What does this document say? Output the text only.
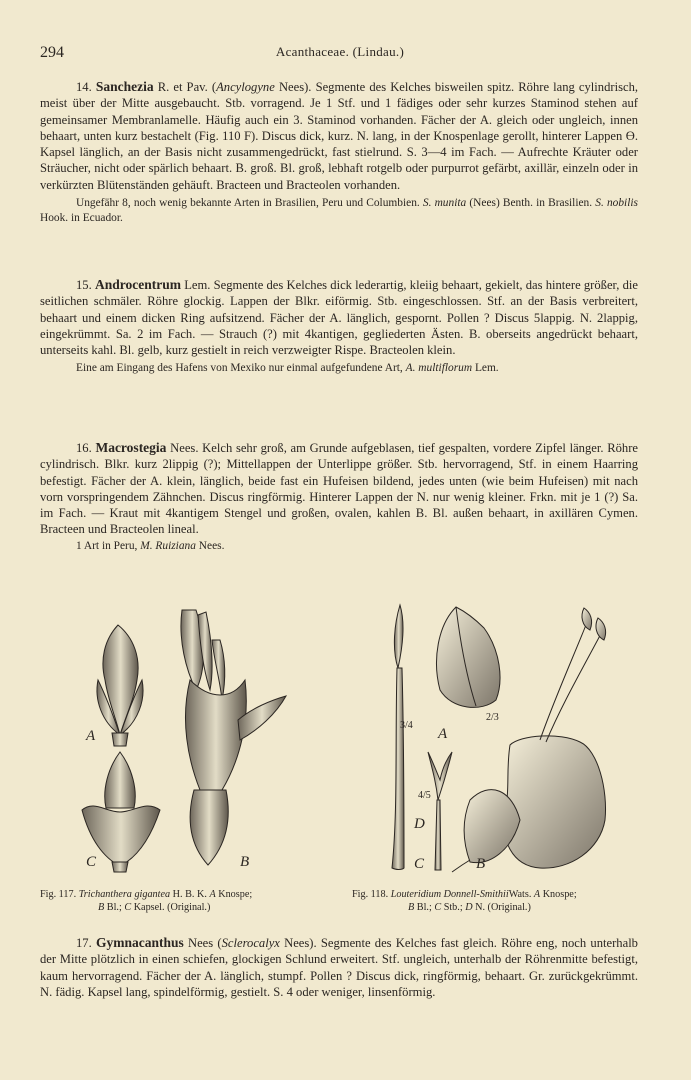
294	Acanthaceae. (Lindau.)

14. Sanchezia R. et Pav. (Ancylogyne Nees). Segmente des Kelches bisweilen spitz. Röhre lang cylindrisch, meist über der Mitte ausgebaucht. Stb. vorragend. Je 1 Stf. und 1 fädiges oder sehr kurzes Staminod stehen auf gemeinsamer Membranlamelle. Häufig auch ein 3. Staminod vorhanden. Fächer der A. gleich oder ungleich, innen behaart, unten kurz bestachelt (Fig. 110 F). Discus dick, kurz. N. lang, in der Knospenlage gerollt, hinterer Lappen ϴ. Kapsel länglich, an der Basis nicht zusammengedrückt, fast stielrund. S. 3—4 im Fach. — Aufrechte Kräuter oder Sträucher, nicht oder spärlich behaart. B. groß. Bl. groß, lebhaft rotgelb oder purpurrot gefärbt, axillär, einzeln oder in verkürzten Blütenständen gehäuft. Bracteen und Bracteolen vorhanden.

Ungefähr 8, noch wenig bekannte Arten in Brasilien, Peru und Columbien. S. munita (Nees) Benth. in Brasilien. S. nobilis Hook. in Ecuador.

15. Androcentrum Lem. Segmente des Kelches dick lederartig, kleiig behaart, gekielt, das hintere größer, die seitlichen schmäler. Röhre glockig. Lappen der Blkr. eiförmig. Stb. eingeschlossen. Stf. an der Basis verbreitert, behaart und einem dicken Ring aufsitzend. Fächer der A. länglich, gespornt. Pollen ? Discus 5lappig. N. 2lappig, eingekrümmt. Sa. 2 im Fach. — Strauch (?) mit 4kantigen, gegliederten Ästen. B. oberseits angedrückt behaart, unterseits kahl. Bl. gelb, kurz gestielt in reich verzweigter Rispe. Bracteolen klein.

Eine am Eingang des Hafens von Mexiko nur einmal aufgefundene Art, A. multiflorum Lem.

16. Macrostegia Nees. Kelch sehr groß, am Grunde aufgeblasen, tief gespalten, vordere Zipfel länger. Röhre cylindrisch. Blkr. kurz 2lippig (?); Mittellappen der Unterlippe größer. Stb. hervorragend, Stf. in einem Haarring befestigt. Fächer der A. klein, länglich, beide fast ein Hufeisen bildend, jedes unten (wie beim Hufeisen) mit nach vorn vorspringendem Zähnchen. Discus ringförmig. Hinterer Lappen der N. nur wenig kleiner. Frkn. mit je 1 (?) Sa. im Fach. — Kraut mit 4kantigem Stengel und großen, ovalen, kahlen B. Bl. außen behaart, in axillären Cymen. Bracteen und Bracteolen lineal.

1 Art in Peru, M. Ruiziana Nees.

A
C	B
A
B
C
D
3/4
2/3
4/5
Fig. 117. Trichanthera gigantea H. B. K. A Knospe;
B Bl.; C Kapsel. (Original.)
Fig. 118. Louteridium Donnell-SmithiiWats. A Knospe;
B Bl.; C Stb.; D N. (Original.)

17. Gymnacanthus Nees (Sclerocalyx Nees). Segmente des Kelches fast gleich. Röhre eng, noch unterhalb der Mitte plötzlich in einen schiefen, glockigen Schlund erweitert. Stf. ungleich, unterhalb der Röhrenmitte befestigt, kaum hervorragend. Fächer der A. länglich, stumpf. Pollen ? Discus dick, ringförmig, behaart. Gr. zurückgekrümmt. N. fädig. Kapsel lang, spindelförmig, gestielt. S. 4 oder weniger, linsenförmig.
